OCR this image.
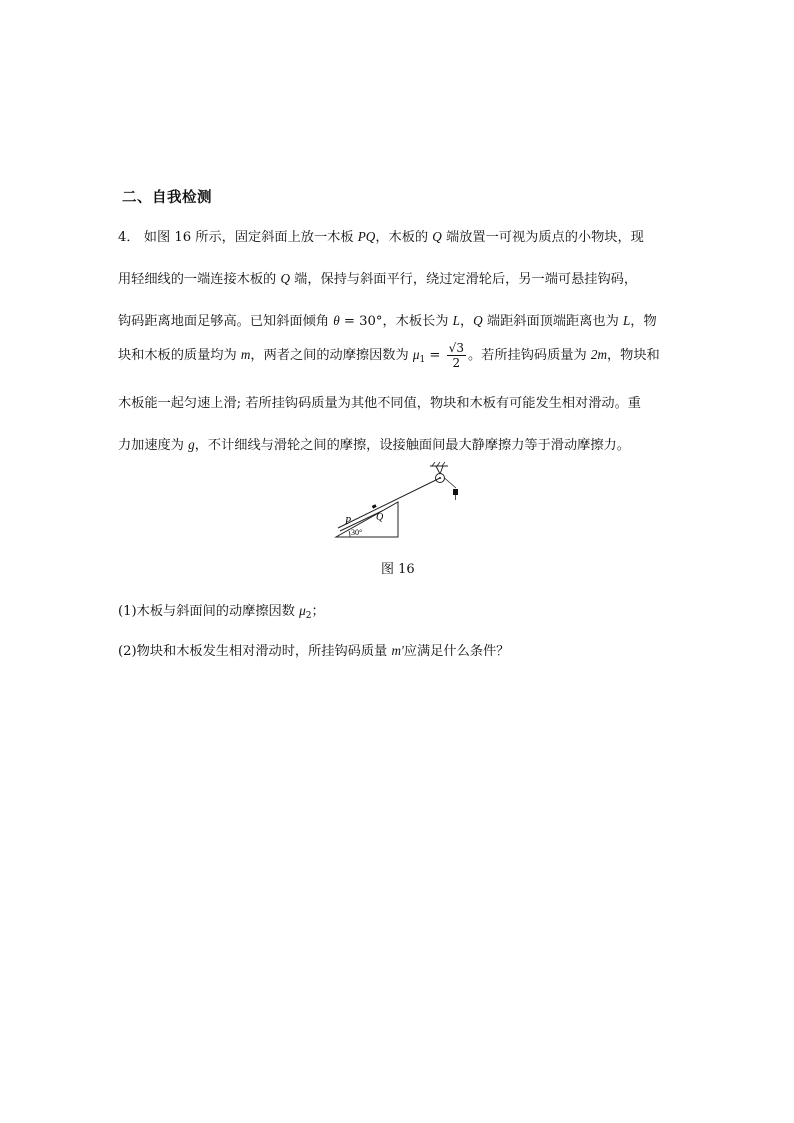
二、自我检测
4． 如图 16 所示，固定斜面上放一木板 PQ，木板的 Q 端放置一可视为质点的小物块，现
用轻细线的一端连接木板的 Q 端，保持与斜面平行，绕过定滑轮后，另一端可悬挂钩码，
钩码距离地面足够高。已知斜面倾角 θ = 30°，木板长为 L，Q 端距斜面顶端距离也为 L，物
块和木板的质量均为 m，两者之间的动摩擦因数为 $\mu_1 = \frac{√3}{2}$ 。若所挂钩码质量为 2m，物块和
木板能一起匀速上滑; 若所挂钩码质量为其他不同值，物块和木板有可能发生相对滑动。重
力加速度为 g，不计细线与滑轮之间的摩擦，设接触面间最大静摩擦力等于滑动摩擦力。
P Q
30°
图 16
(1)木板与斜面间的动摩擦因数 $\mu_2$；
(2)物块和木板发生相对滑动时，所挂钩码质量 m′应满足什么条件？
